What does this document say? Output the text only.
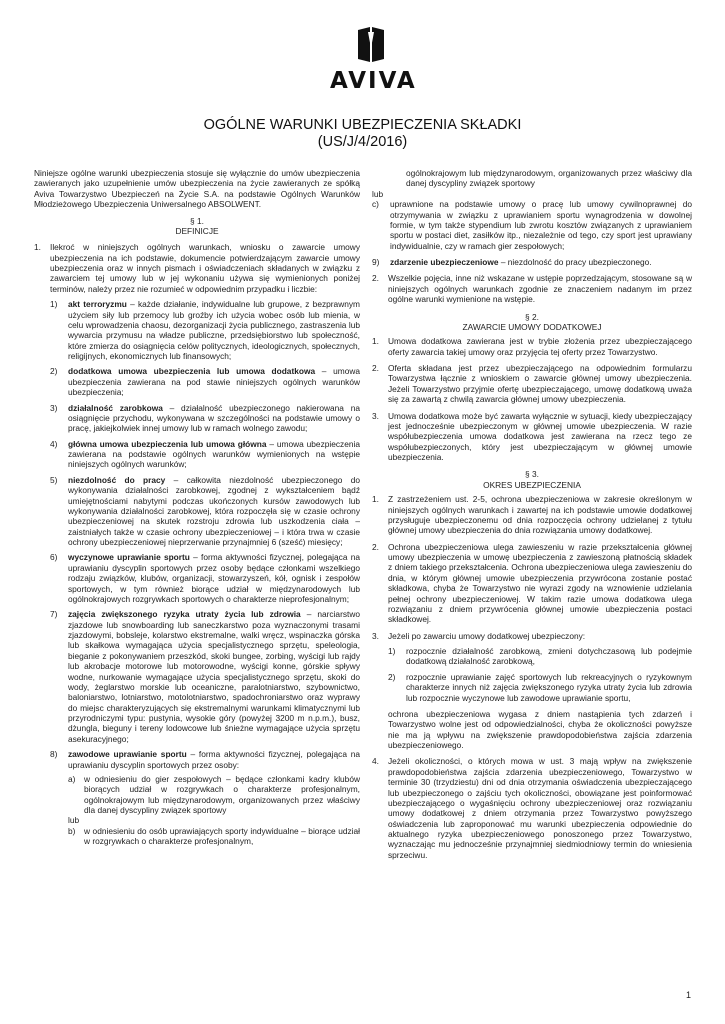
AVIVA
OGÓLNE WARUNKI UBEZPIECZENIA SKŁADKI
(US/J/4/2016)

Niniejsze ogólne warunki ubezpieczenia stosuje się wyłącznie do umów ubezpieczenia zawieranych jako uzupełnienie umów ubezpieczenia na życie zawieranych ze spółką Aviva Towarzystwo Ubezpieczeń na Życie S.A. na podstawie Ogólnych Warunków Młodzieżowego Ubezpieczenia Uniwersalnego ABSOLWENT.

§ 1.
DEFINICJE
1.	Ilekroć w niniejszych ogólnych warunkach, wniosku o zawarcie umowy ubezpieczenia na ich podstawie, dokumencie potwierdzającym zawarcie umowy ubezpieczenia oraz w innych pismach i oświadczeniach składanych w związku z zawarciem tej umowy lub w jej wykonaniu używa się wymienionych poniżej terminów, należy przez nie rozumieć w odpowiednim przypadku i liczbie:
1)	akt terroryzmu – każde działanie, indywidualne lub grupowe, z bezprawnym użyciem siły lub przemocy lub groźby ich użycia wobec osób lub mienia, w celu wprowadzenia chaosu, dezorganizacji życia publicznego, zastraszenia lub wywarcia przymusu na władze publiczne, przedsiębiorstwo lub społeczność, które zmierza do osiągnięcia celów politycznych, ideologicznych, społecznych, religijnych, ekonomicznych lub finansowych;
2)	dodatkowa umowa ubezpieczenia lub umowa dodatkowa – umowa ubezpieczenia zawierana na pod stawie niniejszych ogólnych warunków ubezpieczenia;
3)	działalność zarobkowa – działalność ubezpieczonego nakierowana na osiągnięcie przychodu, wykonywana w szczególności na podstawie umowy o pracę, jakiejkolwiek innej umowy lub w ramach wolnego zawodu;
4)	główna umowa ubezpieczenia lub umowa główna – umowa ubezpieczenia zawierana na podstawie ogólnych warunków wymienionych na wstępie niniejszych ogólnych warunków;
5)	niezdolność do pracy – całkowita niezdolność ubezpieczonego do wykonywania działalności zarobkowej, zgodnej z wykształceniem bądź umiejętnościami nabytymi podczas ukończonych kursów zawodowych lub wykonywania działalności zarobkowej, która rozpoczęła się w czasie ochrony ubezpieczeniowej na skutek rozstroju zdrowia lub uszkodzenia ciała – zaistniałych także w czasie ochrony ubezpieczeniowej – i która trwa w czasie ochrony ubezpieczeniowej nieprzerwanie przynajmniej 6 (sześć) miesięcy;
6)	wyczynowe uprawianie sportu – forma aktywności fizycznej, polegająca na uprawianiu dyscyplin sportowych przez osoby będące członkami wszelkiego rodzaju związków, klubów, organizacji, stowarzyszeń, kół, ognisk i zespołów sportowych, w tym również biorące udział w międzynarodowych lub ogólnokrajowych rozgrywkach sportowych o charakterze nieprofesjonalnym;
7)	zajęcia zwiększonego ryzyka utraty życia lub zdrowia – narciarstwo zjazdowe lub snowboarding lub saneczkarstwo poza wyznaczonymi trasami zjazdowymi, bobsleje, kolarstwo ekstremalne, walki wręcz, wspinaczka górska lub skałkowa wymagająca użycia specjalistycznego sprzętu, speleologia, bieganie z pokonywaniem przeszkód, skoki bungee, zorbing, wyścigi lub rajdy lub akrobacje motorowe lub motorowodne, wyścigi konne, górskie spływy wodne, nurkowanie wymagające użycia specjalistycznego sprzętu, skoki do wody, żeglarstwo morskie lub oceaniczne, paralotniarstwo, szybownictwo, baloniarstwo, lotniarstwo, motolotniarstwo, spadochroniarstwo oraz wyprawy do miejsc charakteryzujących się ekstremalnymi warunkami klimatycznymi lub przyrodniczymi typu: pustynia, wysokie góry (powyżej 3200 m n.p.m.), busz, dżungla, bieguny i tereny lodowcowe lub śnieżne wymagające użycia sprzętu asekuracyjnego;
8)	zawodowe uprawianie sportu – forma aktywności fizycznej, polegająca na uprawianiu dyscyplin sportowych przez osoby:
a)	w odniesieniu do gier zespołowych – będące członkami kadry klubów biorących udział w rozgrywkach o charakterze profesjonalnym, ogólnokrajowym lub międzynarodowym, organizowanych przez właściwy dla danej dyscypliny związek sportowy
lub
b)	w odniesieniu do osób uprawiających sporty indywidualne – biorące udział w rozgrywkach o charakterze profesjonalnym,
ogólnokrajowym lub międzynarodowym, organizowanych przez właściwy dla danej dyscypliny związek sportowy
lub
c)	uprawnione na podstawie umowy o pracę lub umowy cywilnoprawnej do otrzymywania w związku z uprawianiem sportu wynagrodzenia w dowolnej formie, w tym także stypendium lub zwrotu kosztów związanych z uprawianiem sportu w postaci diet, zasiłków itp., niezależnie od tego, czy sport jest uprawiany indywidualnie, czy w ramach gier zespołowych;
9)	zdarzenie ubezpieczeniowe – niezdolność do pracy ubezpieczonego.
2.	Wszelkie pojęcia, inne niż wskazane w ustępie poprzedzającym, stosowane są w niniejszych ogólnych warunkach zgodnie ze znaczeniem nadanym im przez ogólne warunki wymienione na wstępie.
§ 2.
ZAWARCIE UMOWY DODATKOWEJ
1.	Umowa dodatkowa zawierana jest w trybie złożenia przez ubezpieczającego oferty zawarcia takiej umowy oraz przyjęcia tej oferty przez Towarzystwo.
2.	Oferta składana jest przez ubezpieczającego na odpowiednim formularzu Towarzystwa łącznie z wnioskiem o zawarcie głównej umowy ubezpieczenia. Jeżeli Towarzystwo przyjmie ofertę ubezpieczającego, umowę dodatkową uważa się za zawartą z chwilą zawarcia głównej umowy ubezpieczenia.
3.	Umowa dodatkowa może być zawarta wyłącznie w sytuacji, kiedy ubezpieczający jest jednocześnie ubezpieczonym w głównej umowie ubezpieczenia. W razie współubezpieczenia umowa dodatkowa jest zawierana na rzecz tego ze współubezpieczonych, który jest ubezpieczającym w głównej umowie ubezpieczenia.
§ 3.
OKRES UBEZPIECZENIA
1.	Z zastrzeżeniem ust. 2-5, ochrona ubezpieczeniowa w zakresie określonym w niniejszych ogólnych warunkach i zawartej na ich podstawie umowie dodatkowej przysługuje ubezpieczonemu od dnia rozpoczęcia ochrony udzielanej z tytułu głównej umowy ubezpieczenia do dnia rozwiązania umowy dodatkowej.
2.	Ochrona ubezpieczeniowa ulega zawieszeniu w razie przekształcenia głównej umowy ubezpieczenia w umowę ubezpieczenia z zawieszoną płatnością składek z dniem takiego przekształcenia. Ochrona ubezpieczeniowa ulega zawieszeniu do dnia, w którym głównej umowie ubezpieczenia przywrócona zostanie postać składkowa, chyba że Towarzystwo nie wyrazi zgody na wznowienie udzielania pełnej ochrony ubezpieczeniowej. W takim razie umowa dodatkowa ulega rozwiązaniu z dniem przywrócenia głównej umowie ubezpieczenia postaci składkowej.
3.	Jeżeli po zawarciu umowy dodatkowej ubezpieczony:
1)	rozpocznie działalność zarobkową, zmieni dotychczasową lub podejmie dodatkową działalność zarobkową,
2)	rozpocznie uprawianie zajęć sportowych lub rekreacyjnych o ryzykownym charakterze innych niż zajęcia zwiększonego ryzyka utraty życia lub zdrowia lub rozpocznie wyczynowe lub zawodowe uprawianie sportu,
ochrona ubezpieczeniowa wygasa z dniem nastąpienia tych zdarzeń i Towarzystwo wolne jest od odpowiedzialności, chyba że okoliczności powyższe nie ma ją wpływu na zwiększenie prawdopodobieństwa zajścia zdarzenia ubezpieczeniowego.
4.	Jeżeli okoliczności, o których mowa w ust. 3 mają wpływ na zwiększenie prawdopodobieństwa zajścia zdarzenia ubezpieczeniowego, Towarzystwo w terminie 30 (trzydziestu) dni od dnia otrzymania oświadczenia ubezpieczającego lub ubezpieczonego o zajściu tych okoliczności, obowiązane jest poinformować ubezpieczającego o wygaśnięciu ochrony ubezpieczeniowej oraz rozwiązaniu umowy dodatkowej z dniem otrzymania przez Towarzystwo powyższego oświadczenia lub zaproponować mu warunki ubezpieczenia odpowiednie do aktualnego ryzyka ubezpieczeniowego ponoszonego przez Towarzystwo, wyznaczając mu jednocześnie przynajmniej siedmiodniowy termin do wniesienia sprzeciwu.
1
